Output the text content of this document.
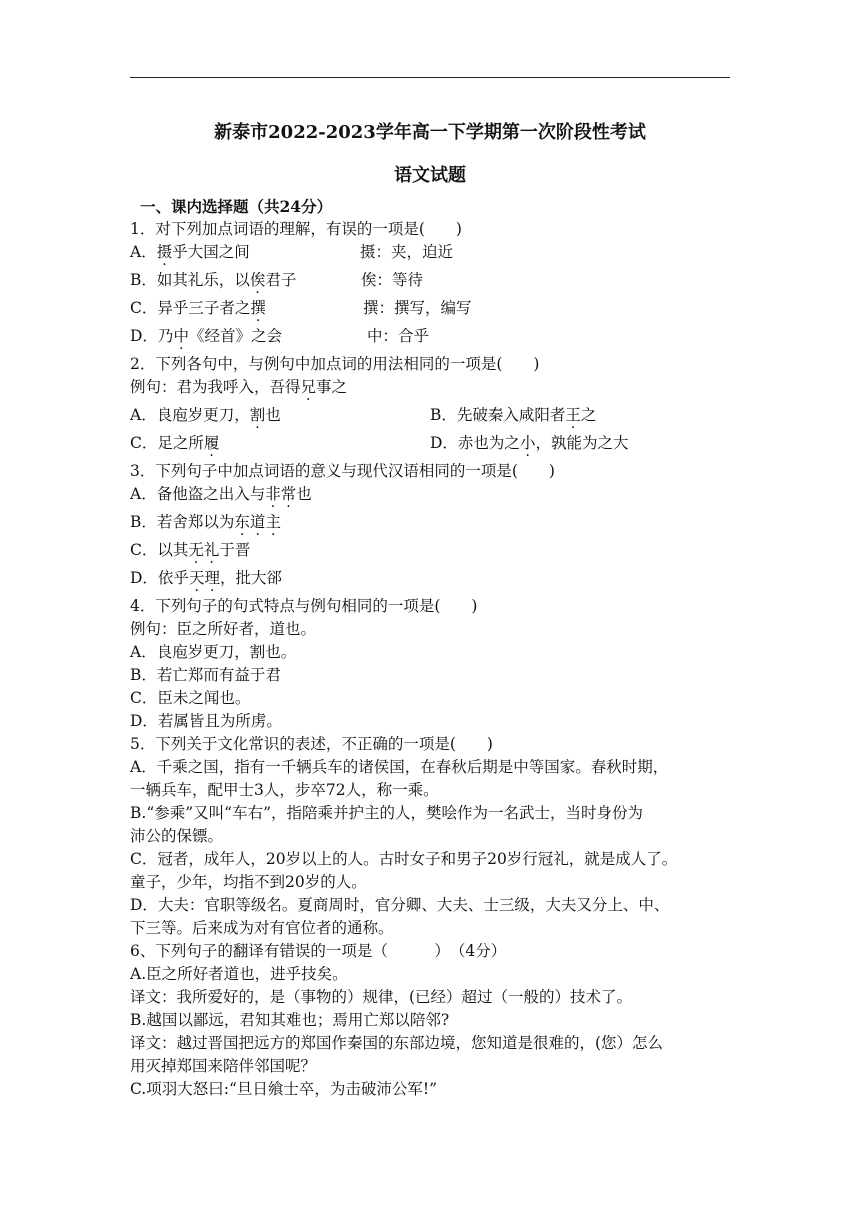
新泰市2022-2023学年高一下学期第一次阶段性考试
语文试题
一、课内选择题（共24分）
1．对下列加点词语的理解，有误的一项是(　　)
A．摄乎大国之间	摄：夹，迫近
B．如其礼乐，以俟君子	俟：等待
C．异乎三子者之撰	撰：撰写，编写
D．乃中《经首》之会	中：合乎
2．下列各句中，与例句中加点词的用法相同的一项是(　　)
例句：君为我呼入，吾得兄事之
A．良庖岁更刀，割也	B．先破秦入咸阳者王之
C．足之所履	D．赤也为之小，孰能为之大
3．下列句子中加点词语的意义与现代汉语相同的一项是(　　)
A．备他盗之出入与非常也
B．若舍郑以为东道主
C．以其无礼于晋
D．依乎天理，批大郤
4．下列句子的句式特点与例句相同的一项是(　　)
例句：臣之所好者，道也。
A．良庖岁更刀，割也。
B．若亡郑而有益于君
C．臣未之闻也。
D．若属皆且为所虏。
5．下列关于文化常识的表述，不正确的一项是(　　)
A．千乘之国，指有一千辆兵车的诸侯国，在春秋后期是中等国家。春秋时期，
一辆兵车，配甲士3人，步卒72人，称一乘。
B.“参乘”又叫“车右”，指陪乘并护主的人，樊哙作为一名武士，当时身份为
沛公的保镖。
C．冠者，成年人，20岁以上的人。古时女子和男子20岁行冠礼，就是成人了。
童子，少年，均指不到20岁的人。
D．大夫：官职等级名。夏商周时，官分卿、大夫、士三级，大夫又分上、中、
下三等。后来成为对有官位者的通称。
6、下列句子的翻译有错误的一项是（　　　）　（4分）
A.臣之所好者道也，进乎技矣。
译文：我所爱好的，是（事物的）规律，(已经）超过（一般的）技术了。
B.越国以鄙远，君知其难也；焉用亡郑以陪邻?
译文：越过晋国把远方的郑国作秦国的东部边境，您知道是很难的，(您）怎么
用灭掉郑国来陪伴邻国呢？
C.项羽大怒曰:“旦日飨士卒，为击破沛公军!”
